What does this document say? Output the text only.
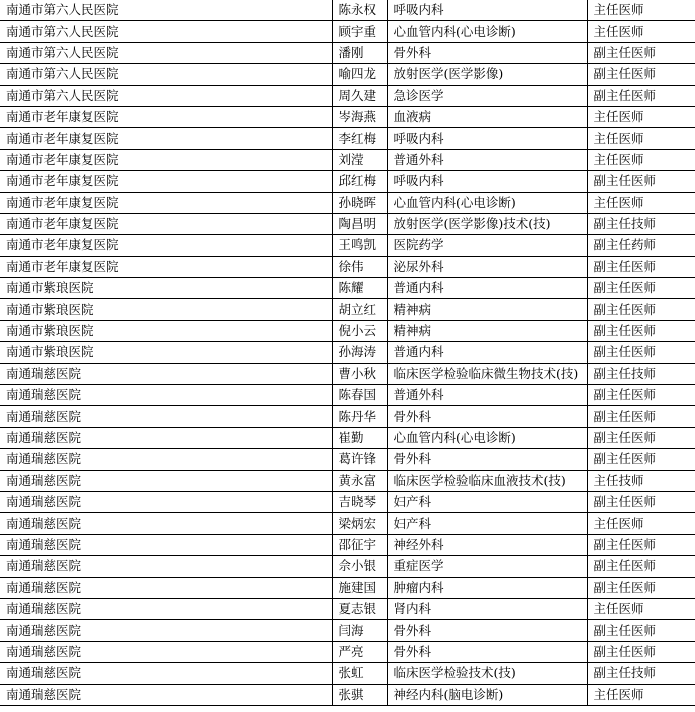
南通市第六人民医院	陈永权	呼吸内科	主任医师
南通市第六人民医院	顾宇重	心血管内科(心电诊断)	主任医师
南通市第六人民医院	潘刚	骨外科	副主任医师
南通市第六人民医院	喻四龙	放射医学(医学影像)	副主任医师
南通市第六人民医院	周久建	急诊医学	副主任医师
南通市老年康复医院	岑海燕	血液病	主任医师
南通市老年康复医院	李红梅	呼吸内科	主任医师
南通市老年康复医院	刘滢	普通外科	主任医师
南通市老年康复医院	邱红梅	呼吸内科	副主任医师
南通市老年康复医院	孙晓晖	心血管内科(心电诊断)	主任医师
南通市老年康复医院	陶昌明	放射医学(医学影像)技术(技)	副主任技师
南通市老年康复医院	王鸣凯	医院药学	副主任药师
南通市老年康复医院	徐伟	泌尿外科	副主任医师
南通市紫琅医院	陈耀	普通内科	副主任医师
南通市紫琅医院	胡立红	精神病	副主任医师
南通市紫琅医院	倪小云	精神病	副主任医师
南通市紫琅医院	孙海涛	普通内科	副主任医师
南通瑞慈医院	曹小秋	临床医学检验临床微生物技术(技)	副主任技师
南通瑞慈医院	陈春国	普通外科	副主任医师
南通瑞慈医院	陈丹华	骨外科	副主任医师
南通瑞慈医院	崔勤	心血管内科(心电诊断)	副主任医师
南通瑞慈医院	葛许锋	骨外科	副主任医师
南通瑞慈医院	黄永富	临床医学检验临床血液技术(技)	主任技师
南通瑞慈医院	吉晓琴	妇产科	副主任医师
南通瑞慈医院	梁炳宏	妇产科	主任医师
南通瑞慈医院	邵征宇	神经外科	副主任医师
南通瑞慈医院	佘小银	重症医学	副主任医师
南通瑞慈医院	施建国	肿瘤内科	副主任医师
南通瑞慈医院	夏志银	肾内科	主任医师
南通瑞慈医院	闫海	骨外科	副主任医师
南通瑞慈医院	严亮	骨外科	副主任医师
南通瑞慈医院	张虹	临床医学检验技术(技)	副主任技师
南通瑞慈医院	张骐	神经内科(脑电诊断)	主任医师
